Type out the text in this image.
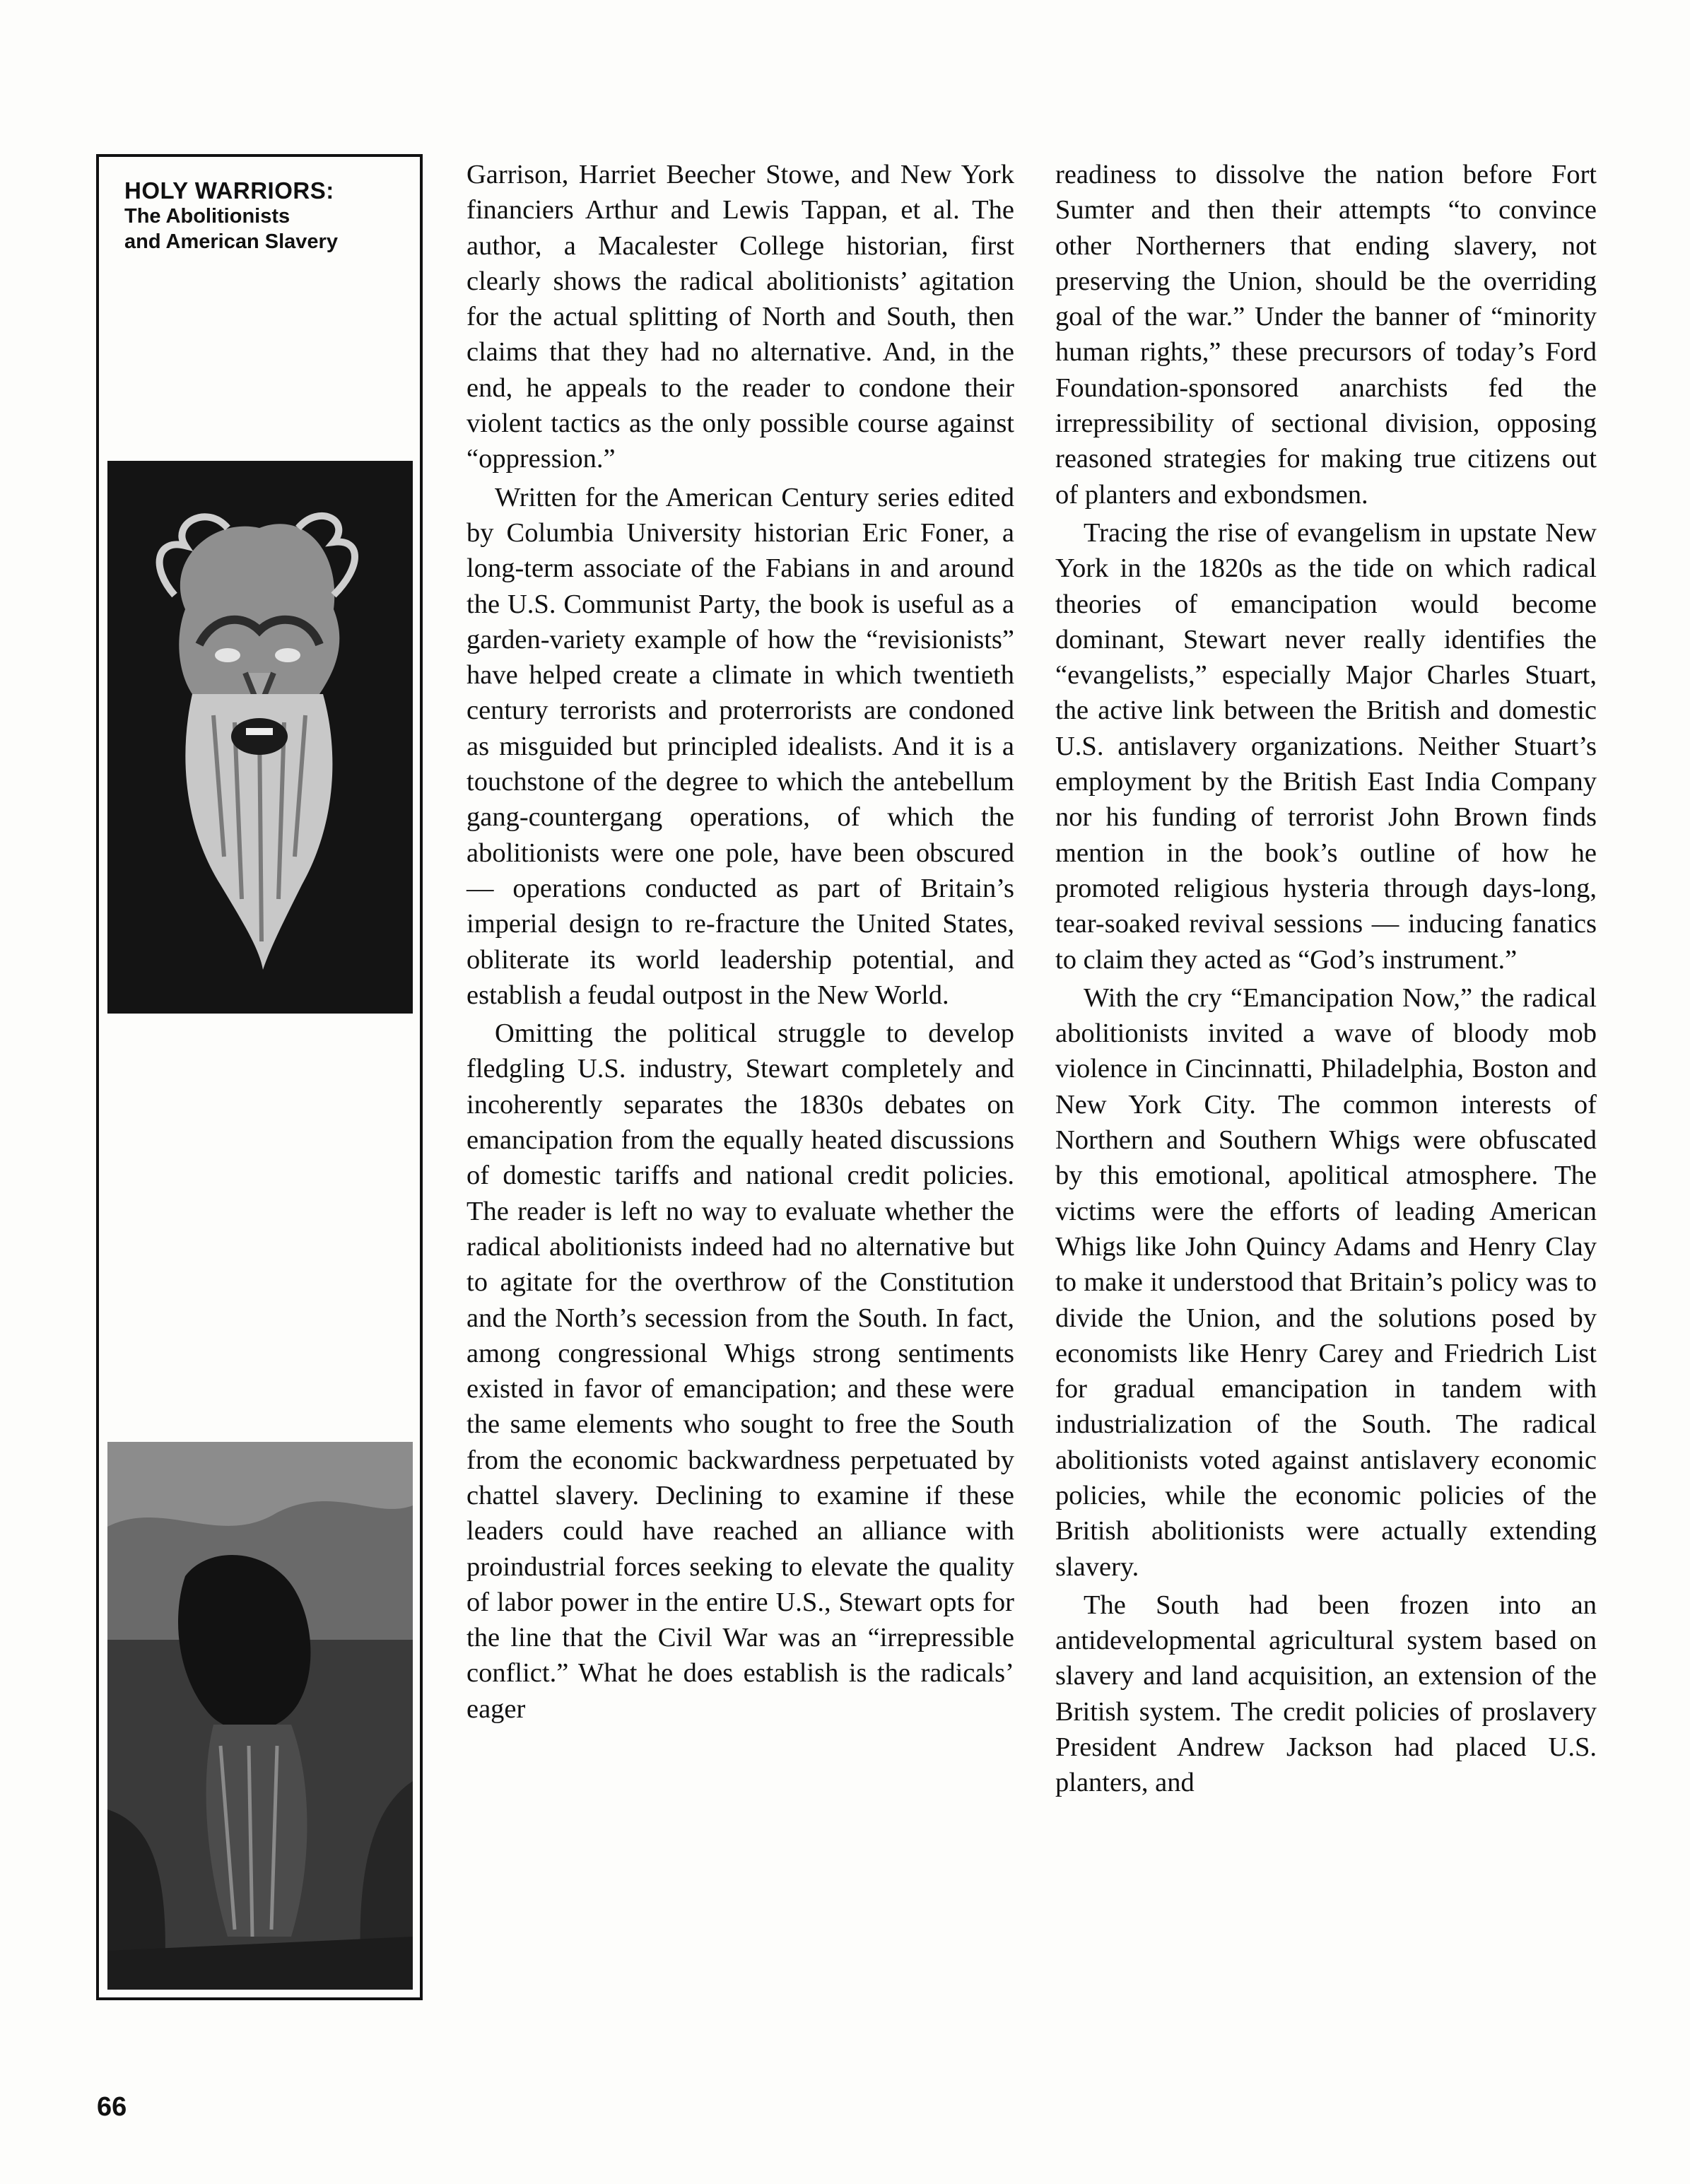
HOLY WARRIORS:
The Abolitionists
and American Slavery

Garrison, Harriet Beecher Stowe, and New York financiers Arthur and Lewis Tappan, et al. The author, a Macalester College historian, first clearly shows the radical abolitionists’ agitation for the actual splitting of North and South, then claims that they had no alternative. And, in the end, he appeals to the reader to condone their violent tactics as the only possible course against “oppression.”

Written for the American Century series edited by Columbia University historian Eric Foner, a long-term associate of the Fabians in and around the U.S. Communist Party, the book is useful as a garden-variety example of how the “revisionists” have helped create a climate in which twentieth century terrorists and proterrorists are condoned as misguided but principled idealists. And it is a touchstone of the degree to which the antebellum gang-countergang operations, of which the abolitionists were one pole, have been obscured — operations conducted as part of Britain’s imperial design to re-fracture the United States, obliterate its world leadership potential, and establish a feudal outpost in the New World.

Omitting the political struggle to develop fledgling U.S. industry, Stewart completely and incoherently separates the 1830s debates on emancipation from the equally heated discussions of domestic tariffs and national credit policies. The reader is left no way to evaluate whether the radical abolitionists indeed had no alternative but to agitate for the overthrow of the Constitution and the North’s secession from the South. In fact, among congressional Whigs strong sentiments existed in favor of emancipation; and these were the same elements who sought to free the South from the economic backwardness perpetuated by chattel slavery. Declining to examine if these leaders could have reached an alliance with proindustrial forces seeking to elevate the quality of labor power in the entire U.S., Stewart opts for the line that the Civil War was an “irrepressible conflict.” What he does establish is the radicals’ eager

readiness to dissolve the nation before Fort Sumter and then their attempts “to convince other Northerners that ending slavery, not preserving the Union, should be the overriding goal of the war.” Under the banner of “minority human rights,” these precursors of today’s Ford Foundation-sponsored anarchists fed the irrepressibility of sectional division, opposing reasoned strategies for making true citizens out of planters and exbondsmen.

Tracing the rise of evangelism in upstate New York in the 1820s as the tide on which radical theories of emancipation would become dominant, Stewart never really identifies the “evangelists,” especially Major Charles Stuart, the active link between the British and domestic U.S. antislavery organizations. Neither Stuart’s employment by the British East India Company nor his funding of terrorist John Brown finds mention in the book’s outline of how he promoted religious hysteria through days-long, tear-soaked revival sessions — inducing fanatics to claim they acted as “God’s instrument.”

With the cry “Emancipation Now,” the radical abolitionists invited a wave of bloody mob violence in Cincinnatti, Philadelphia, Boston and New York City. The common interests of Northern and Southern Whigs were obfuscated by this emotional, apolitical atmosphere. The victims were the efforts of leading American Whigs like John Quincy Adams and Henry Clay to make it understood that Britain’s policy was to divide the Union, and the solutions posed by economists like Henry Carey and Friedrich List for gradual emancipation in tandem with industrialization of the South. The radical abolitionists voted against antislavery economic policies, while the economic policies of the British abolitionists were actually extending slavery.

The South had been frozen into an antidevelopmental agricultural system based on slavery and land acquisition, an extension of the British system. The credit policies of proslavery President Andrew Jackson had placed U.S. planters, and

66
